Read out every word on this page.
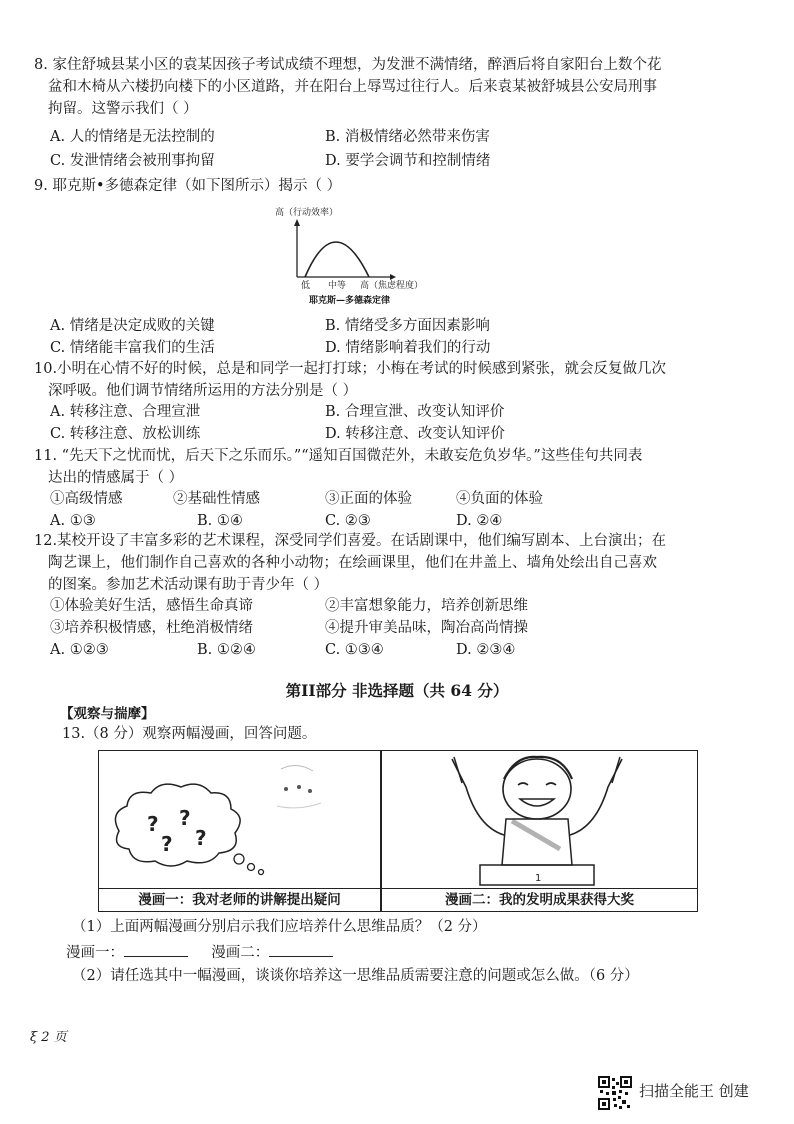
8. 家住舒城县某小区的袁某因孩子考试成绩不理想，为发泄不满情绪，醉酒后将自家阳台上数个花

盆和木椅从六楼扔向楼下的小区道路，并在阳台上辱骂过往行人。后来袁某被舒城县公安局刑事

拘留。这警示我们（ ）

A. 人的情绪是无法控制的	B. 消极情绪必然带来伤害
C. 发泄情绪会被刑事拘留	D. 要学会调节和控制情绪
9. 耶克斯•多德森定律（如下图所示）揭示（ ）
高（行动效率）
低 中等 高（焦虑程度）
耶克斯—多德森定律
A. 情绪是决定成败的关键	B. 情绪受多方面因素影响
C. 情绪能丰富我们的生活	D. 情绪影响着我们的行动

10.小明在心情不好的时候，总是和同学一起打打球；小梅在考试的时候感到紧张，就会反复做几次

深呼吸。他们调节情绪所运用的方法分别是（ ）

A. 转移注意、合理宣泄	B. 合理宣泄、改变认知评价
C. 转移注意、放松训练	D. 转移注意、改变认知评价

11. “先天下之忧而忧，后天下之乐而乐。”“遥知百国微茫外，未敢妄危负岁华。”这些佳句共同表

达出的情感属于（ ）

①高级情感	②基础性情感	③正面的体验	④负面的体验
A. ①③	B. ①④	C. ②③	D. ②④

12.某校开设了丰富多彩的艺术课程，深受同学们喜爱。在话剧课中，他们编写剧本、上台演出；在

陶艺课上，他们制作自己喜欢的各种小动物；在绘画课里，他们在井盖上、墙角处绘出自己喜欢

的图案。参加艺术活动课有助于青少年（ ）

①体验美好生活，感悟生命真谛	②丰富想象能力，培养创新思维
③培养积极情感，杜绝消极情绪	④提升审美品味，陶冶高尚情操
A. ①②③	B. ①②④	C. ①③④	D. ②③④
第II部分 非选择题（共 64 分）
【观察与揣摩】
13.（8 分）观察两幅漫画，回答问题。
? ?
? ?
1
漫画一：我对老师的讲解提出疑问	漫画二：我的发明成果获得大奖
（1）上面两幅漫画分别启示我们应培养什么思维品质？（2 分）
漫画一：	漫画二：
（2）请任选其中一幅漫画，谈谈你培养这一思维品质需要注意的问题或怎么做。（6 分）
ξ 2 页
扫描全能王 创建
